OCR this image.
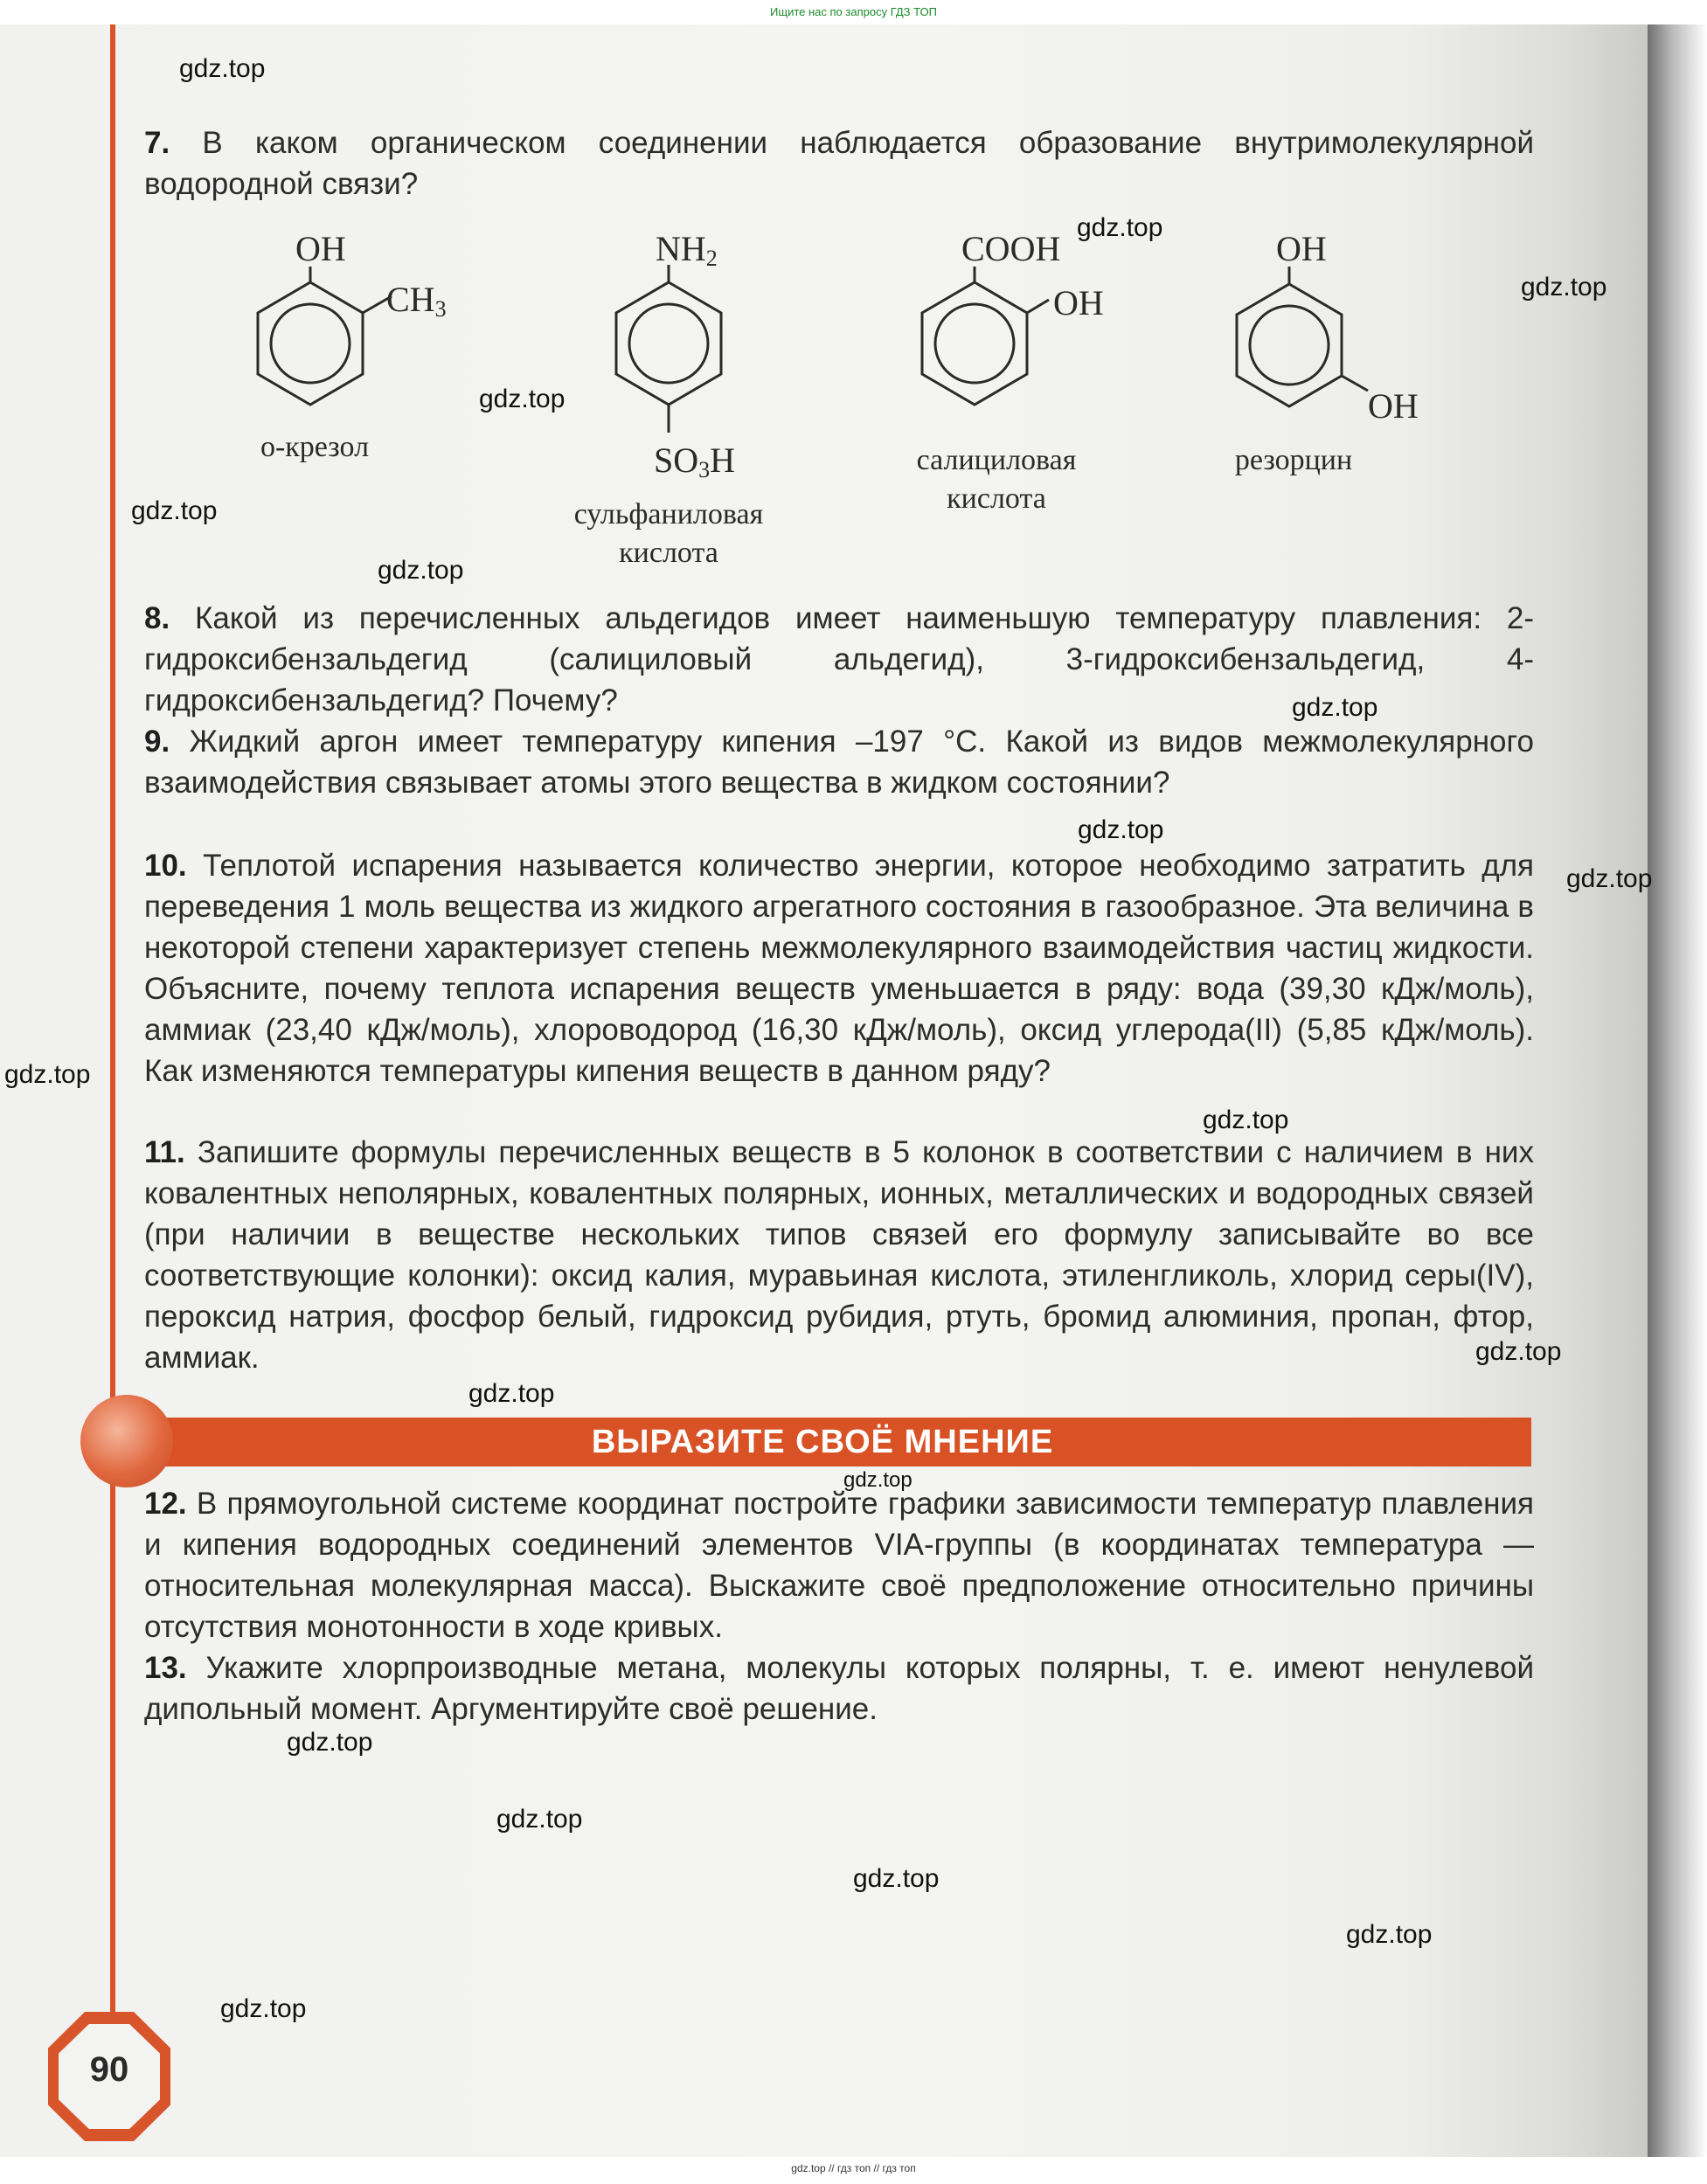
Ищите нас по запросу ГДЗ ТОП
7. В каком органическом соединении наблюдается образование внутримолекулярной водородной связи?
OH
$CH_3$
о-крезол
$NH_2$
$SO_3H$
сульфаниловая
кислота
COOH
OH
салициловая
кислота
OH
OH
резорцин
8. Какой из перечисленных альдегидов имеет наименьшую температуру плавления: 2-гидроксибензальдегид (салициловый альдегид), 3-гидроксибензальдегид, 4-гидроксибензальдегид? Почему?
9. Жидкий аргон имеет температуру кипения –197 °С. Какой из видов межмолекулярного взаимодействия связывает атомы этого вещества в жидком состоянии?
10. Теплотой испарения называется количество энергии, которое необходимо затратить для переведения 1 моль вещества из жидкого агрегатного состояния в газообразное. Эта величина в некоторой степени характеризует степень межмолекулярного взаимодействия частиц жидкости. Объясните, почему теплота испарения веществ уменьшается в ряду: вода (39,30 кДж/моль), аммиак (23,40 кДж/моль), хлороводород (16,30 кДж/моль), оксид углерода(II) (5,85 кДж/моль). Как изменяются температуры кипения веществ в данном ряду?
11. Запишите формулы перечисленных веществ в 5 колонок в соответствии с наличием в них ковалентных неполярных, ковалентных полярных, ионных, металлических и водородных связей (при наличии в веществе нескольких типов связей его формулу записывайте во все соответствующие колонки): оксид калия, муравьиная кислота, этиленгликоль, хлорид серы(IV), пероксид натрия, фосфор белый, гидроксид рубидия, ртуть, бромид алюминия, пропан, фтор, аммиак.
ВЫРАЗИТЕ СВОЁ МНЕНИЕ
12. В прямоугольной системе координат постройте графики зависимости температур плавления и кипения водородных соединений элементов VIA-группы (в координатах температура — относительная молекулярная масса). Выскажите своё предположение относительно причины отсутствия монотонности в ходе кривых.
13. Укажите хлорпроизводные метана, молекулы которых полярны, т. е. имеют ненулевой дипольный момент. Аргументируйте своё решение.
90
gdz.top
gdz.top
gdz.top
gdz.top
gdz.top
gdz.top
gdz.top
gdz.top
gdz.top
gdz.top
gdz.top
gdz.top
gdz.top
gdz.top
gdz.top
gdz.top
gdz.top
gdz.top
gdz.top
gdz.top // гдз топ // гдз топ
